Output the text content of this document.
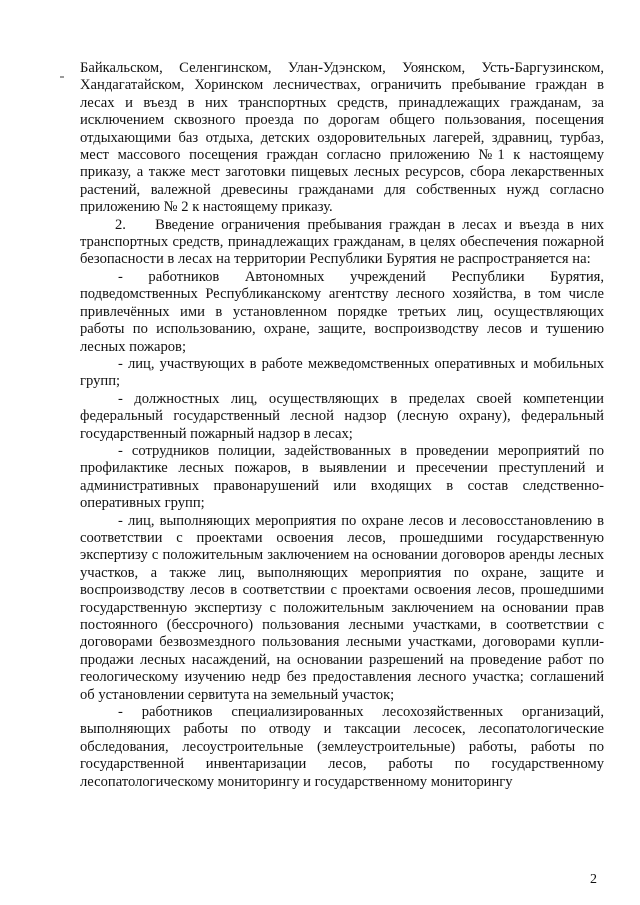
Байкальском, Селенгинском, Улан-Удэнском, Уоянском, Усть-Баргузинском, Хандагатайском, Хоринском лесничествах, ограничить пребывание граждан в лесах и въезд в них транспортных средств, принадлежащих гражданам, за исключением сквозного проезда по дорогам общего пользования, посещения отдыхающими баз отдыха, детских оздоровительных лагерей, здравниц, турбаз, мест массового посещения граждан согласно приложению №1 к настоящему приказу, а также мест заготовки пищевых лесных ресурсов, сбора лекарственных растений, валежной древесины гражданами для собственных нужд согласно приложению № 2 к настоящему приказу.

2.  Введение ограничения пребывания граждан в лесах и въезда в них транспортных средств, принадлежащих гражданам, в целях обеспечения пожарной безопасности в лесах на территории Республики Бурятия не распространяется на:

- работников Автономных учреждений Республики Бурятия, подведомственных Республиканскому агентству лесного хозяйства, в том числе привлечённых ими в установленном порядке третьих лиц, осуществляющих работы по использованию, охране, защите, воспроизводству лесов и тушению лесных пожаров;

- лиц, участвующих в работе межведомственных оперативных и мобильных групп;

- должностных лиц, осуществляющих в пределах своей компетенции федеральный государственный лесной надзор (лесную охрану), федеральный государственный пожарный надзор в лесах;

- сотрудников полиции, задействованных в проведении мероприятий по профилактике лесных пожаров, в выявлении и пресечении преступлений и административных правонарушений или входящих в состав следственно-оперативных групп;

- лиц, выполняющих мероприятия по охране лесов и лесовосстановлению в соответствии с проектами освоения лесов, прошедшими государственную экспертизу с положительным заключением на основании договоров аренды лесных участков, а также лиц, выполняющих мероприятия по охране, защите и воспроизводству лесов в соответствии с проектами освоения лесов, прошедшими государственную экспертизу с положительным заключением на основании прав постоянного (бессрочного) пользования лесными участками, в соответствии с договорами безвозмездного пользования лесными участками, договорами купли-продажи лесных насаждений, на основании разрешений на проведение работ по геологическому изучению недр без предоставления лесного участка; соглашений об установлении сервитута на земельный участок;

- работников специализированных лесохозяйственных организаций, выполняющих работы по отводу и таксации лесосек, лесопатологические обследования, лесоустроительные (землеустроительные) работы, работы по государственной инвентаризации лесов, работы по государственному лесопатологическому мониторингу и государственному мониторингу

2
